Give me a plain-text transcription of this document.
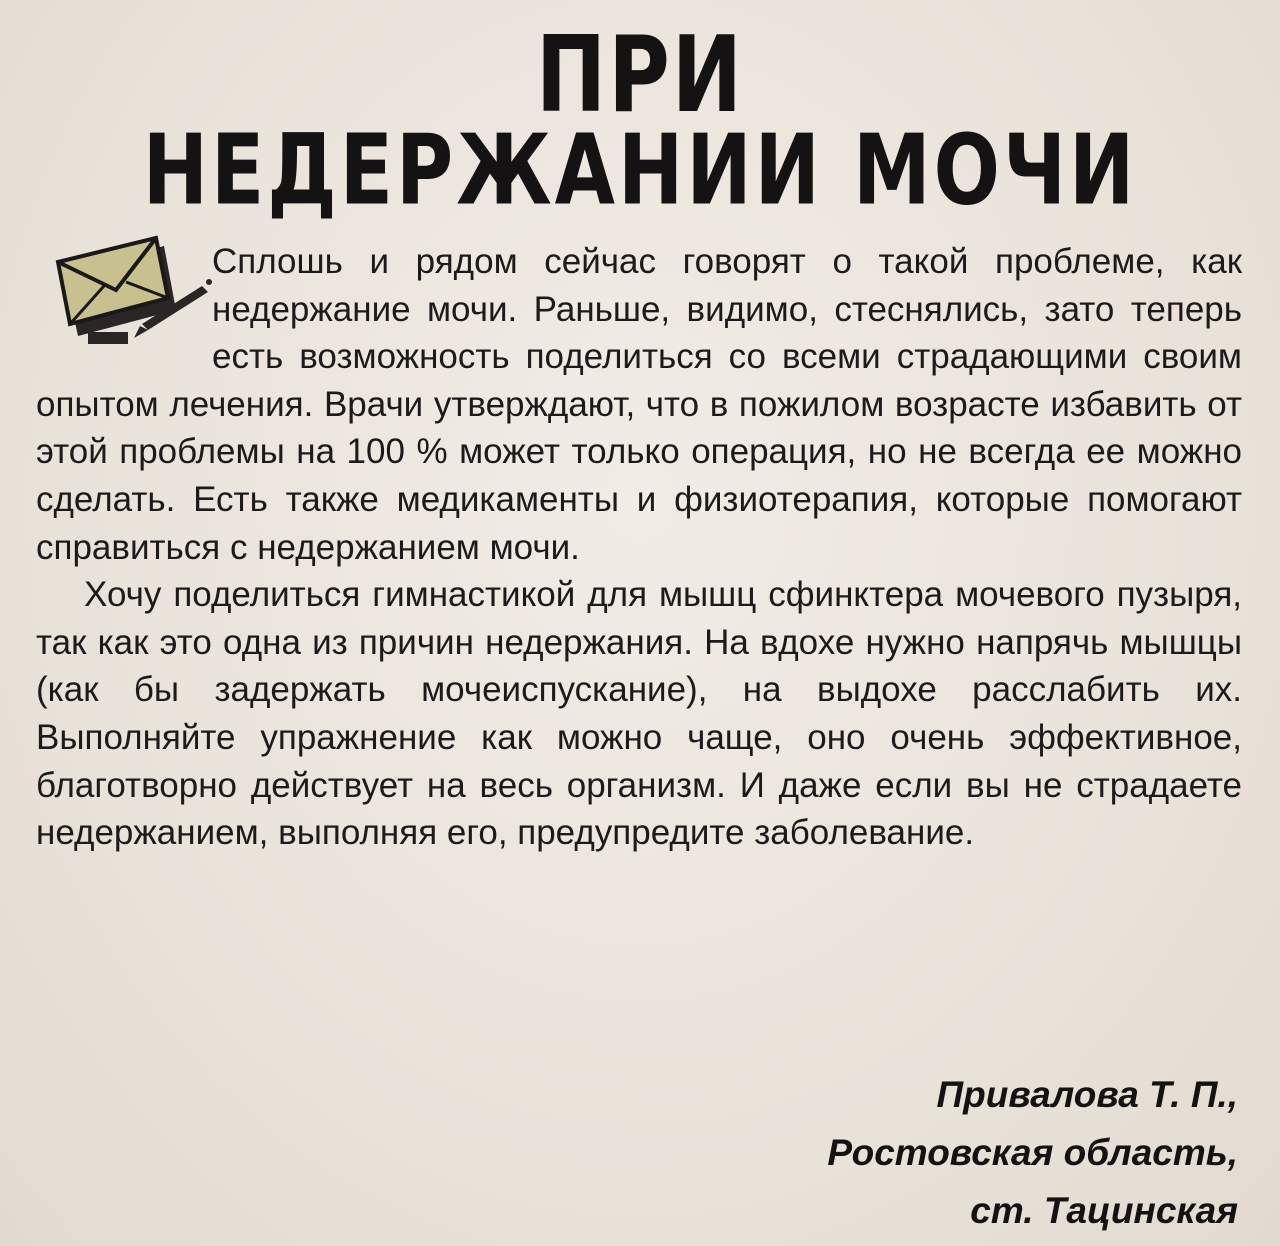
ПРИ
НЕДЕРЖАНИИ МОЧИ

Сплошь и рядом сейчас говорят о такой проблеме, как недержание мочи. Раньше, видимо, стеснялись, зато теперь есть возможность поделиться со всеми страдающими своим опытом лечения. Врачи утверждают, что в пожилом возрасте избавить от этой проблемы на 100 % может только операция, но не всегда ее можно сделать. Есть также медикаменты и физиотерапия, которые помогают справиться с недержанием мочи.

Хочу поделиться гимнастикой для мышц сфинктера мочевого пузыря, так как это одна из причин недержания. На вдохе нужно напрячь мышцы (как бы задержать мочеиспускание), на выдохе расслабить их. Выполняйте упражнение как можно чаще, оно очень эффективное, благотворно действует на весь организм. И даже если вы не страдаете недержанием, выполняя его, предупредите заболевание.

Привалова Т. П.,
Ростовская область,
ст. Тацинская
